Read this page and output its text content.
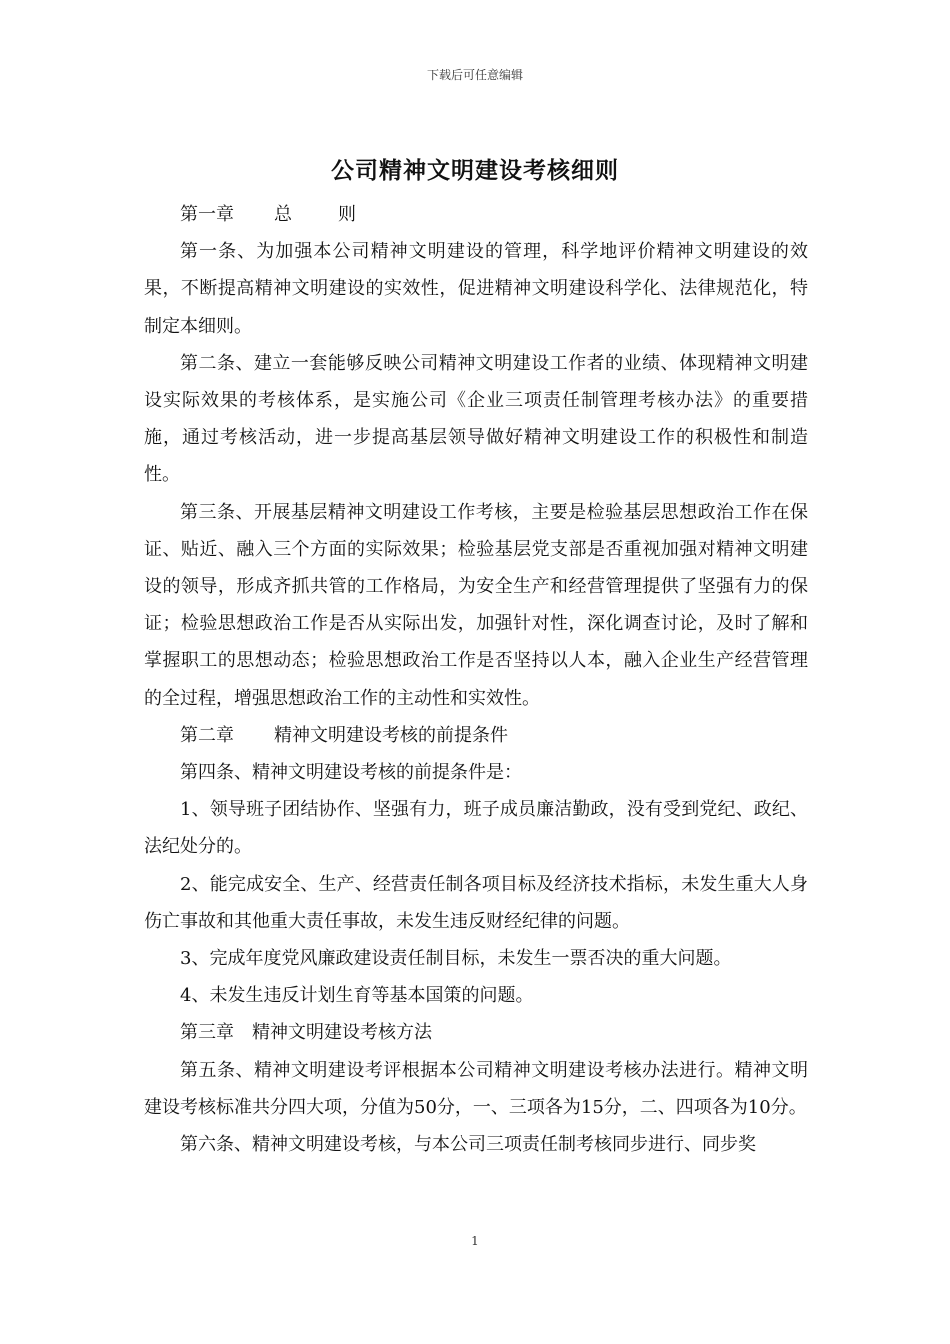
下载后可任意编辑
公司精神文明建设考核细则

第一章 总	则

第一条、为加强本公司精神文明建设的管理，科学地评价精神文明建设的效果，不断提高精神文明建设的实效性，促进精神文明建设科学化、法律规范化，特制定本细则。

第二条、建立一套能够反映公司精神文明建设工作者的业绩、体现精神文明建设实际效果的考核体系，是实施公司《企业三项责任制管理考核办法》的重要措施，通过考核活动，进一步提高基层领导做好精神文明建设工作的积极性和制造性。

第三条、开展基层精神文明建设工作考核，主要是检验基层思想政治工作在保证、贴近、融入三个方面的实际效果；检验基层党支部是否重视加强对精神文明建设的领导，形成齐抓共管的工作格局，为安全生产和经营管理提供了坚强有力的保证；检验思想政治工作是否从实际出发，加强针对性，深化调查讨论，及时了解和掌握职工的思想动态；检验思想政治工作是否坚持以人本，融入企业生产经营管理的全过程，增强思想政治工作的主动性和实效性。

第二章 精神文明建设考核的前提条件

第四条、精神文明建设考核的前提条件是：

1、领导班子团结协作、坚强有力，班子成员廉洁勤政，没有受到党纪、政纪、法纪处分的。

2、能完成安全、生产、经营责任制各项目标及经济技术指标，未发生重大人身伤亡事故和其他重大责任事故，未发生违反财经纪律的问题。

3、完成年度党风廉政建设责任制目标，未发生一票否决的重大问题。

4、未发生违反计划生育等基本国策的问题。

第三章 精神文明建设考核方法

第五条、精神文明建设考评根据本公司精神文明建设考核办法进行。精神文明建设考核标准共分四大项，分值为50分，一、三项各为15分，二、四项各为10分。

第六条、精神文明建设考核，与本公司三项责任制考核同步进行、同步奖

1
